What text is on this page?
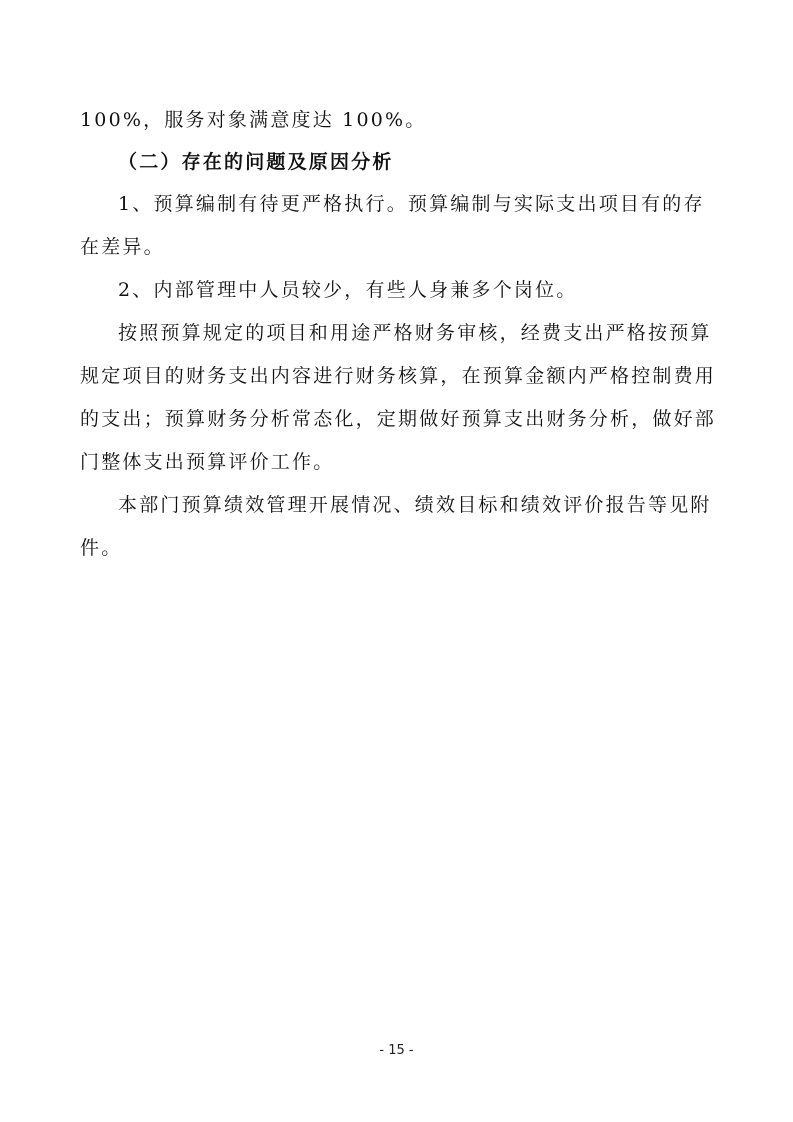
100%，服务对象满意度达 100%。
（二）存在的问题及原因分析
1、预算编制有待更严格执行。预算编制与实际支出项目有的存
在差异。
2、内部管理中人员较少，有些人身兼多个岗位。
按照预算规定的项目和用途严格财务审核，经费支出严格按预算
规定项目的财务支出内容进行财务核算，在预算金额内严格控制费用
的支出；预算财务分析常态化，定期做好预算支出财务分析，做好部
门整体支出预算评价工作。
本部门预算绩效管理开展情况、绩效目标和绩效评价报告等见附
件。
- 15 -
